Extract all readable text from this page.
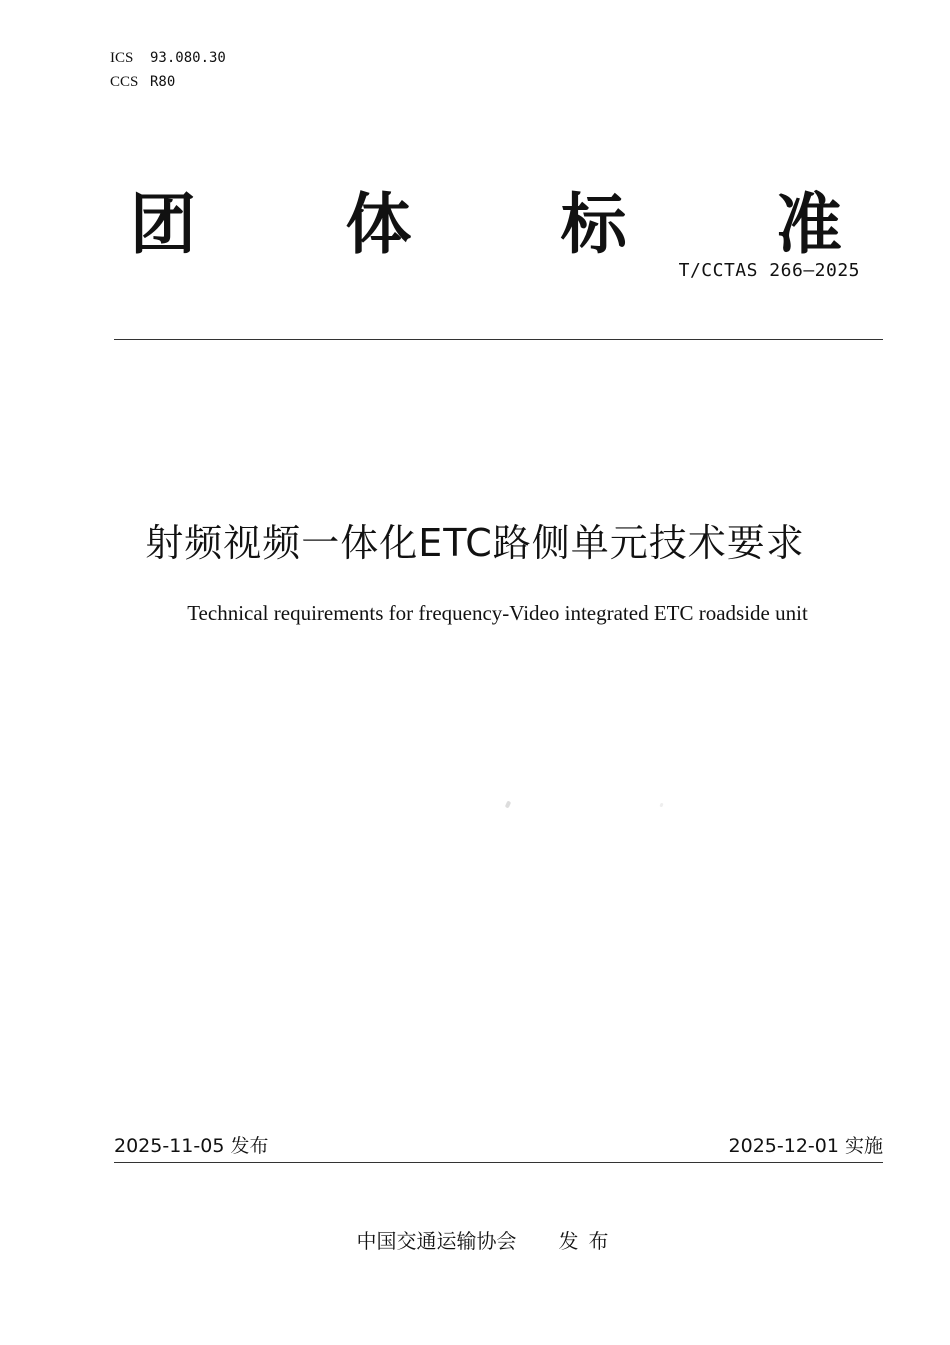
ICS 93.080.30
CCS R80
团 体 标 准
T/CCTAS 266—2025
射频视频一体化ETC路侧单元技术要求
Technical requirements for frequency-Video integrated ETC roadside unit
2025-11-05 发布	2025-12-01 实施
中国交通运输协会 发布
